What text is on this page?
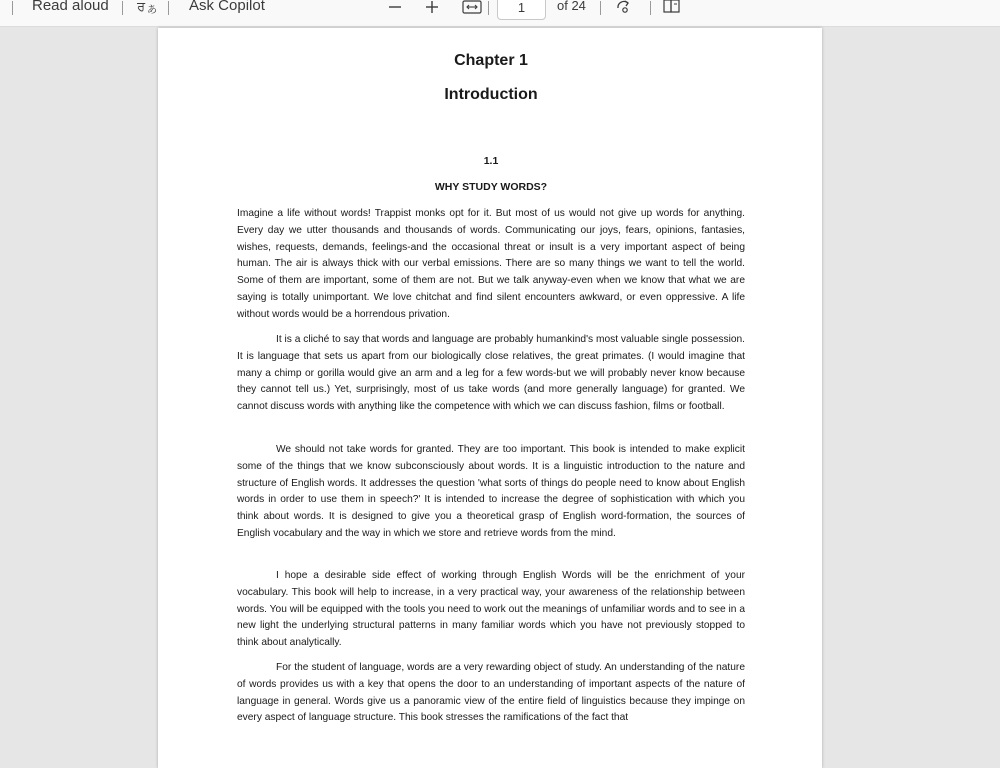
Read aloud ਰ あ Ask Copilot	1	of 24
Chapter 1
Introduction
1.1
WHY STUDY WORDS?

Imagine a life without words! Trappist monks opt for it. But most of us would not give up words for anything. Every day we utter thousands and thousands of words. Communicating our joys, fears, opinions, fantasies, wishes, requests, demands, feelings-and the occasional threat or insult is a very important aspect of being human. The air is always thick with our verbal emissions. There are so many things we want to tell the world. Some of them are important, some of them are not. But we talk anyway-even when we know that what we are saying is totally unimportant. We love chitchat and find silent encounters awkward, or even oppressive. A life without words would be a horrendous privation.

It is a cliché to say that words and language are probably humankind's most valuable single possession. It is language that sets us apart from our biologically close relatives, the great primates. (I would imagine that many a chimp or gorilla would give an arm and a leg for a few words-but we will probably never know because they cannot tell us.) Yet, surprisingly, most of us take words (and more generally language) for granted. We cannot discuss words with anything like the competence with which we can discuss fashion, films or football.

We should not take words for granted. They are too important. This book is intended to make explicit some of the things that we know subconsciously about words. It is a linguistic introduction to the nature and structure of English words. It addresses the question 'what sorts of things do people need to know about English words in order to use them in speech?' It is intended to increase the degree of sophistication with which you think about words. It is designed to give you a theoretical grasp of English word-formation, the sources of English vocabulary and the way in which we store and retrieve words from the mind.

I hope a desirable side effect of working through English Words will be the enrichment of your vocabulary. This book will help to increase, in a very practical way, your awareness of the relationship between words. You will be equipped with the tools you need to work out the meanings of unfamiliar words and to see in a new light the underlying structural patterns in many familiar words which you have not previously stopped to think about analytically.

For the student of language, words are a very rewarding object of study. An understanding of the nature of words provides us with a key that opens the door to an understanding of important aspects of the nature of language in general. Words give us a panoramic view of the entire field of linguistics because they impinge on every aspect of language structure. This book stresses the ramifications of the fact that
